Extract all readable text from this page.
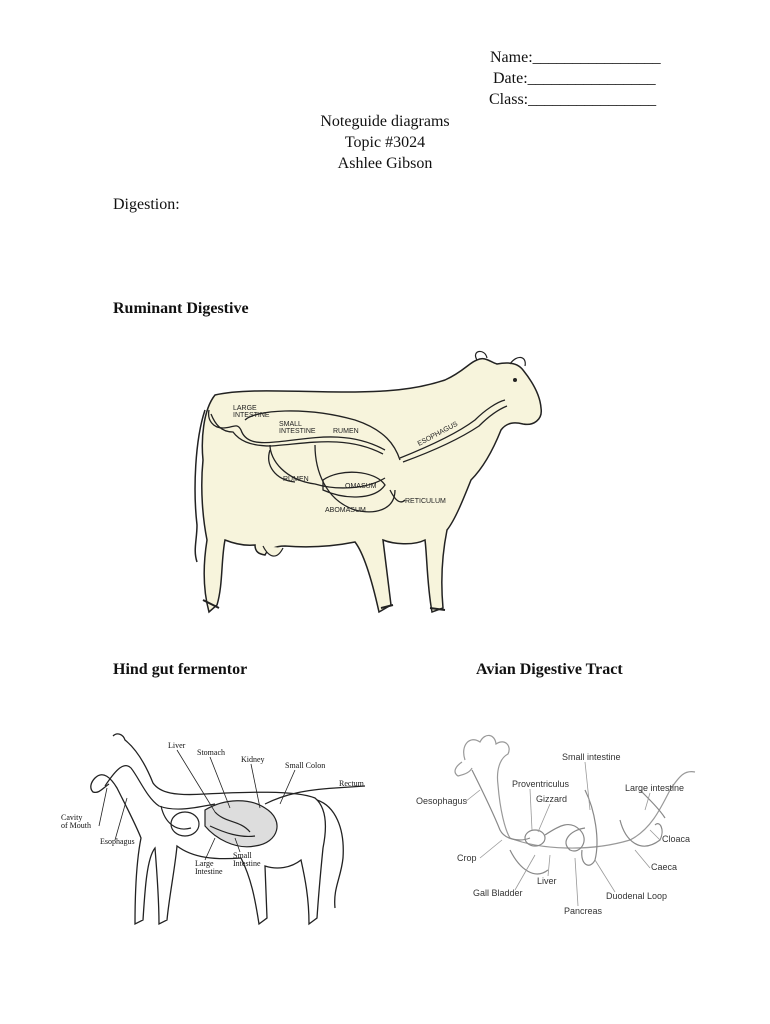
Name:________________
Date:________________
Class:________________
Noteguide diagrams
Topic #3024
Ashlee Gibson
Digestion:
Ruminant Digestive
Hind gut fermentor	Avian Digestive Tract
LARGE
INTESTINE
SMALL
INTESTINE RUMEN
RUMEN
OMASUM
ABOMASUM
RETICULUM
ESOPHAGUS
Liver
Stomach
Kidney
Small Colon
Rectum
Cavity
of Mouth
Esophagus
Large
Intestine
Small
Intestine
Small intestine
Proventriculus
Gizzard
Large intestine
Oesophagus
Cloaca
Crop
Caeca
Liver
Gall Bladder	Duodenal Loop
Pancreas
